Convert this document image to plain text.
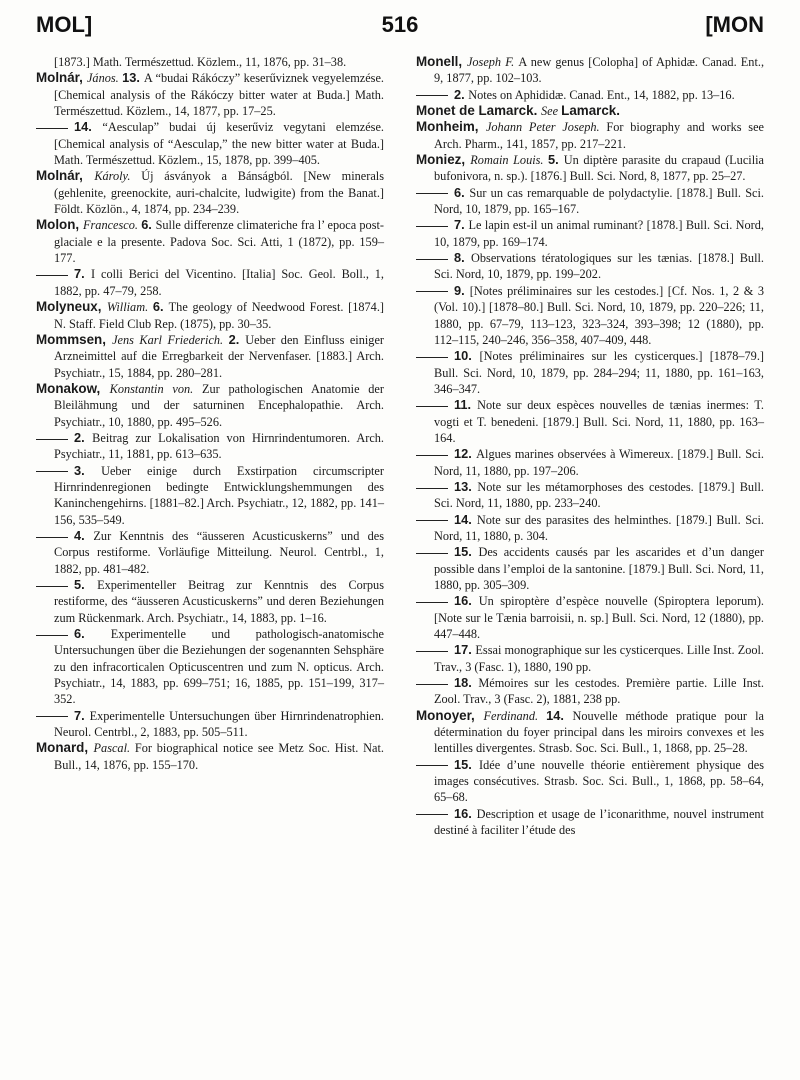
MOL]	516	[MON

[1873.] Math. Természettud. Közlem., 11, 1876, pp. 31–38.

Molnár, János. 13. A “budai Rákóczy” keserűviznek vegyelemzése. [Chemical analysis of the Rákóczy bitter water at Buda.] Math. Természettud. Közlem., 14, 1877, pp. 17–25.

14. “Aesculap” budai új keserűviz vegytani elemzése. [Chemical analysis of “Aesculap,” the new bitter water at Buda.] Math. Természettud. Közlem., 15, 1878, pp. 399–405.

Molnár, Károly. Új ásványok a Bánságból. [New minerals (gehlenite, greenockite, auri-chalcite, ludwigite) from the Banat.] Földt. Közlön., 4, 1874, pp. 234–239.

Molon, Francesco. 6. Sulle differenze climateriche fra l’ epoca post-glaciale e la presente. Padova Soc. Sci. Atti, 1 (1872), pp. 159–177.

7. I colli Berici del Vicentino. [Italia] Soc. Geol. Boll., 1, 1882, pp. 47–79, 258.

Molyneux, William. 6. The geology of Needwood Forest. [1874.] N. Staff. Field Club Rep. (1875), pp. 30–35.

Mommsen, Jens Karl Friederich. 2. Ueber den Einfluss einiger Arzneimittel auf die Erregbarkeit der Nervenfaser. [1883.] Arch. Psychiatr., 15, 1884, pp. 280–281.

Monakow, Konstantin von. Zur pathologischen Anatomie der Bleilähmung und der saturninen Encephalopathie. Arch. Psychiatr., 10, 1880, pp. 495–526.

2. Beitrag zur Lokalisation von Hirnrindentumoren. Arch. Psychiatr., 11, 1881, pp. 613–635.

3. Ueber einige durch Exstirpation circumscripter Hirnrindenregionen bedingte Entwicklungshemmungen des Kaninchengehirns. [1881–82.] Arch. Psychiatr., 12, 1882, pp. 141–156, 535–549.

4. Zur Kenntnis des “äusseren Acusticuskerns” und des Corpus restiforme. Vorläufige Mitteilung. Neurol. Centrbl., 1, 1882, pp. 481–482.

5. Experimenteller Beitrag zur Kenntnis des Corpus restiforme, des “äusseren Acusticuskerns” und deren Beziehungen zum Rückenmark. Arch. Psychiatr., 14, 1883, pp. 1–16.

6. Experimentelle und pathologisch-anatomische Untersuchungen über die Beziehungen der sogenannten Sehsphäre zu den infracorticalen Opticuscentren und zum N. opticus. Arch. Psychiatr., 14, 1883, pp. 699–751; 16, 1885, pp. 151–199, 317–352.

7. Experimentelle Untersuchungen über Hirnrindenatrophien. Neurol. Centrbl., 2, 1883, pp. 505–511.

Monard, Pascal. For biographical notice see Metz Soc. Hist. Nat. Bull., 14, 1876, pp. 155–170.

Monell, Joseph F. A new genus [Colopha] of Aphidæ. Canad. Ent., 9, 1877, pp. 102–103.

2. Notes on Aphididæ. Canad. Ent., 14, 1882, pp. 13–16.

Monet de Lamarck. See Lamarck.

Monheim, Johann Peter Joseph. For biography and works see Arch. Pharm., 141, 1857, pp. 217–221.

Moniez, Romain Louis. 5. Un diptère parasite du crapaud (Lucilia bufonivora, n. sp.). [1876.] Bull. Sci. Nord, 8, 1877, pp. 25–27.

6. Sur un cas remarquable de polydactylie. [1878.] Bull. Sci. Nord, 10, 1879, pp. 165–167.

7. Le lapin est-il un animal ruminant? [1878.] Bull. Sci. Nord, 10, 1879, pp. 169–174.

8. Observations tératologiques sur les tænias. [1878.] Bull. Sci. Nord, 10, 1879, pp. 199–202.

9. [Notes préliminaires sur les cestodes.] [Cf. Nos. 1, 2 & 3 (Vol. 10).] [1878–80.] Bull. Sci. Nord, 10, 1879, pp. 220–226; 11, 1880, pp. 67–79, 113–123, 323–324, 393–398; 12 (1880), pp. 112–115, 240–246, 356–358, 407–409, 448.

10. [Notes préliminaires sur les cysticerques.] [1878–79.] Bull. Sci. Nord, 10, 1879, pp. 284–294; 11, 1880, pp. 161–163, 346–347.

11. Note sur deux espèces nouvelles de tænias inermes: T. vogti et T. benedeni. [1879.] Bull. Sci. Nord, 11, 1880, pp. 163–164.

12. Algues marines observées à Wimereux. [1879.] Bull. Sci. Nord, 11, 1880, pp. 197–206.

13. Note sur les métamorphoses des cestodes. [1879.] Bull. Sci. Nord, 11, 1880, pp. 233–240.

14. Note sur des parasites des helminthes. [1879.] Bull. Sci. Nord, 11, 1880, p. 304.

15. Des accidents causés par les ascarides et d’un danger possible dans l’emploi de la santonine. [1879.] Bull. Sci. Nord, 11, 1880, pp. 305–309.

16. Un spiroptère d’espèce nouvelle (Spiroptera leporum). [Note sur le Tænia barroisii, n. sp.] Bull. Sci. Nord, 12 (1880), pp. 447–448.

17. Essai monographique sur les cysticerques. Lille Inst. Zool. Trav., 3 (Fasc. 1), 1880, 190 pp.

18. Mémoires sur les cestodes. Première partie. Lille Inst. Zool. Trav., 3 (Fasc. 2), 1881, 238 pp.

Monoyer, Ferdinand. 14. Nouvelle méthode pratique pour la détermination du foyer principal dans les miroirs convexes et les lentilles divergentes. Strasb. Soc. Sci. Bull., 1, 1868, pp. 25–28.

15. Idée d’une nouvelle théorie entièrement physique des images consécutives. Strasb. Soc. Sci. Bull., 1, 1868, pp. 58–64, 65–68.

16. Description et usage de l’iconarithme, nouvel instrument destiné à faciliter l’étude des
